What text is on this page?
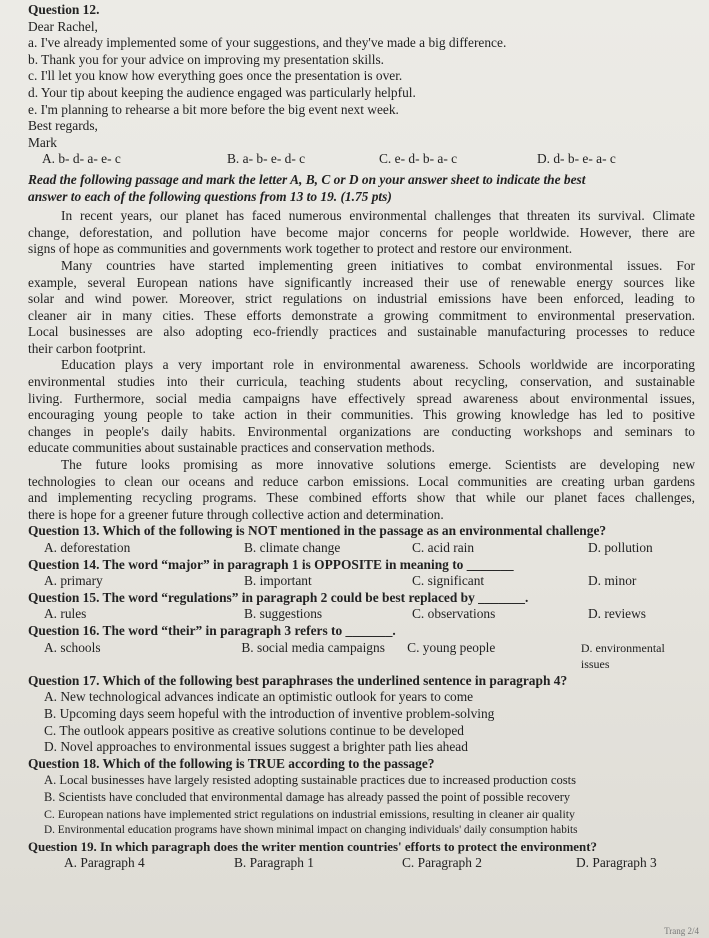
Question 12.
Dear Rachel,
a. I've already implemented some of your suggestions, and they've made a big difference.
b. Thank you for your advice on improving my presentation skills.
c. I'll let you know how everything goes once the presentation is over.
d. Your tip about keeping the audience engaged was particularly helpful.
e. I'm planning to rehearse a bit more before the big event next week.
Best regards,
Mark
A. b- d- a- e- c	B. a- b- e- d- c	C. e- d- b- a- c	D. d- b- e- a- c
Read the following passage and mark the letter A, B, C or D on your answer sheet to indicate the best
answer to each of the following questions from 13 to 19. (1.75 pts)
In recent years, our planet has faced numerous environmental challenges that threaten its survival. Climate
change, deforestation, and pollution have become major concerns for people worldwide. However, there are
signs of hope as communities and governments work together to protect and restore our environment.
Many countries have started implementing green initiatives to combat environmental issues. For
example, several European nations have significantly increased their use of renewable energy sources like
solar and wind power. Moreover, strict regulations on industrial emissions have been enforced, leading to
cleaner air in many cities. These efforts demonstrate a growing commitment to environmental preservation.
Local businesses are also adopting eco-friendly practices and sustainable manufacturing processes to reduce
their carbon footprint.
Education plays a very important role in environmental awareness. Schools worldwide are incorporating
environmental studies into their curricula, teaching students about recycling, conservation, and sustainable
living. Furthermore, social media campaigns have effectively spread awareness about environmental issues,
encouraging young people to take action in their communities. This growing knowledge has led to positive
changes in people's daily habits. Environmental organizations are conducting workshops and seminars to
educate communities about sustainable practices and conservation methods.
The future looks promising as more innovative solutions emerge. Scientists are developing new
technologies to clean our oceans and reduce carbon emissions. Local communities are creating urban gardens
and implementing recycling programs. These combined efforts show that while our planet faces challenges,
there is hope for a greener future through collective action and determination.
Question 13. Which of the following is NOT mentioned in the passage as an environmental challenge?
A. deforestation	B. climate change	C. acid rain	D. pollution
Question 14. The word “major” in paragraph 1 is OPPOSITE in meaning to _______
A. primary	B. important	C. significant	D. minor
Question 15. The word “regulations” in paragraph 2 could be best replaced by _______.
A. rules	B. suggestions	C. observations	D. reviews
Question 16. The word “their” in paragraph 3 refers to _______.
A. schools	B. social media campaigns	C. young people	D. environmental issues
Question 17. Which of the following best paraphrases the underlined sentence in paragraph 4?
A. New technological advances indicate an optimistic outlook for years to come
B. Upcoming days seem hopeful with the introduction of inventive problem-solving
C. The outlook appears positive as creative solutions continue to be developed
D. Novel approaches to environmental issues suggest a brighter path lies ahead
Question 18. Which of the following is TRUE according to the passage?
A. Local businesses have largely resisted adopting sustainable practices due to increased production costs
B. Scientists have concluded that environmental damage has already passed the point of possible recovery
C. European nations have implemented strict regulations on industrial emissions, resulting in cleaner air quality
D. Environmental education programs have shown minimal impact on changing individuals' daily consumption habits
Question 19. In which paragraph does the writer mention countries' efforts to protect the environment?
A. Paragraph 4	B. Paragraph 1	C. Paragraph 2	D. Paragraph 3
Trang 2/4
